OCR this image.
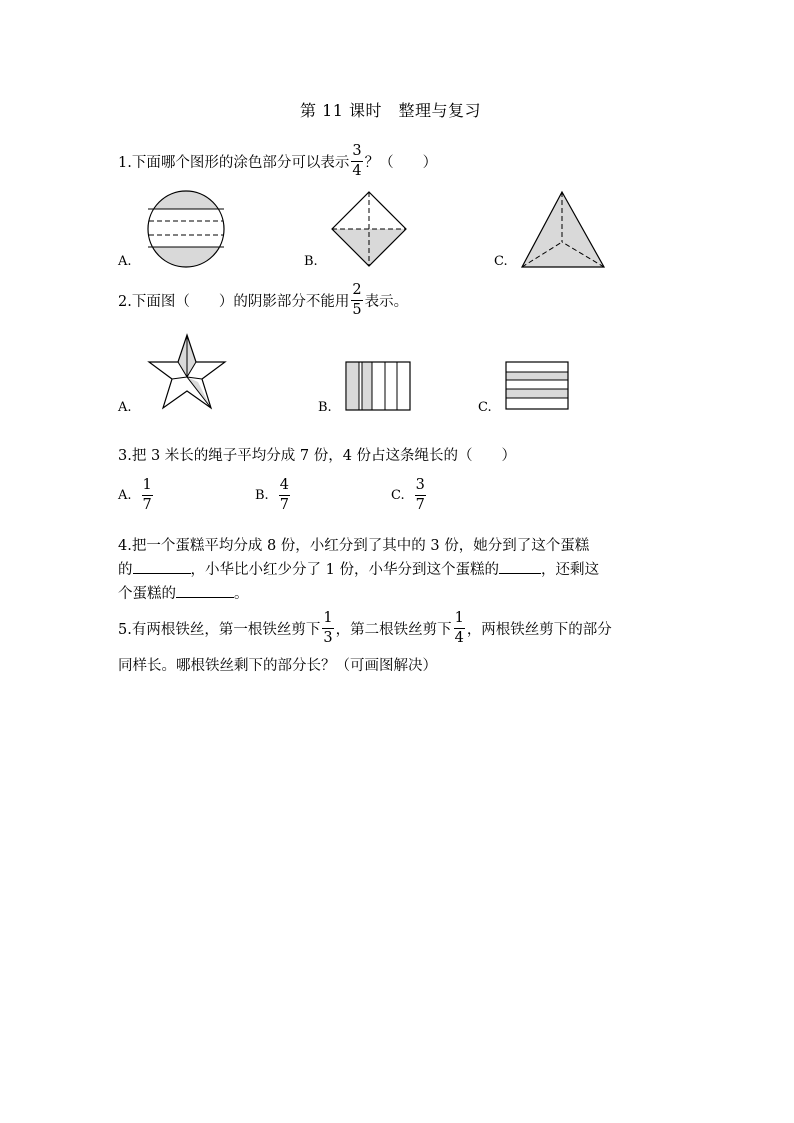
第 11 课时　整理与复习
1.下面哪个图形的涂色部分可以表示 $\frac{3}{4}$ ？（　　）
A.	B.	C.
2.下面图（　　）的阴影部分不能用 $\frac{2}{5}$ 表示。
A.	B.	C.
3.把 3 米长的绳子平均分成 7 份，4 份占这条绳长的（　　）
A. $\frac{1}{7}$	B. $\frac{4}{7}$	C. $\frac{3}{7}$
4.把一个蛋糕平均分成 8 份，小红分到了其中的 3 份，她分到了这个蛋糕
的	，小华比小红少分了 1 份，小华分到这个蛋糕的	，还剩这
个蛋糕的	。
5.有两根铁丝，第一根铁丝剪下 $\frac{1}{3}$ ，第二根铁丝剪下 $\frac{1}{4}$ ，两根铁丝剪下的部分
同样长。哪根铁丝剩下的部分长？（可画图解决）
